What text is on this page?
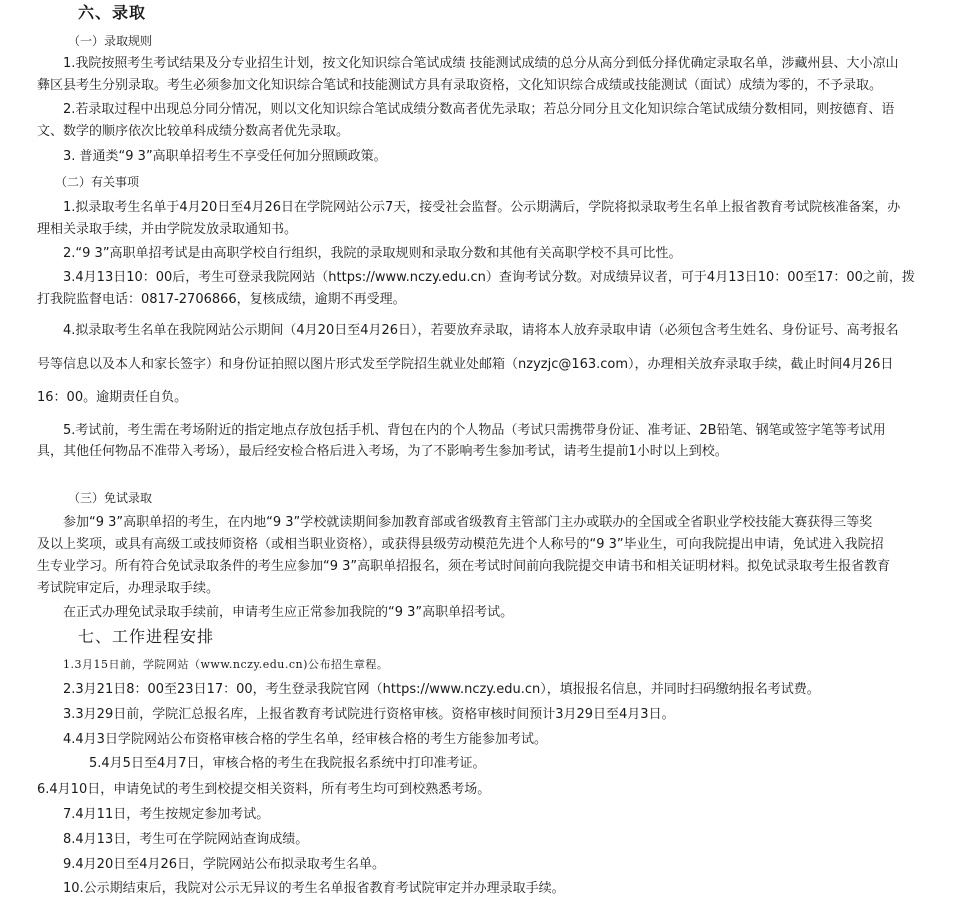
六、录取
（一）录取规则
1.我院按照考生考试结果及分专业招生计划，按文化知识综合笔试成绩 技能测试成绩的总分从高分到低分择优确定录取名单，涉藏州县、大小凉山
彝区县考生分别录取。考生必须参加文化知识综合笔试和技能测试方具有录取资格，文化知识综合成绩或技能测试（面试）成绩为零的，不予录取。
2.若录取过程中出现总分同分情况，则以文化知识综合笔试成绩分数高者优先录取；若总分同分且文化知识综合笔试成绩分数相同，则按德育、语
文、数学的顺序依次比较单科成绩分数高者优先录取。
3. 普通类“9 3”高职单招考生不享受任何加分照顾政策。
（二）有关事项
1.拟录取考生名单于4月20日至4月26日在学院网站公示7天，接受社会监督。公示期满后，学院将拟录取考生名单上报省教育考试院核准备案，办
理相关录取手续，并由学院发放录取通知书。
2.“9 3”高职单招考试是由高职学校自行组织，我院的录取规则和录取分数和其他有关高职学校不具可比性。
3.4月13日10：00后，考生可登录我院网站（https://www.nczy.edu.cn）查询考试分数。对成绩异议者，可于4月13日10：00至17：00之前，拨
打我院监督电话：0817-2706866，复核成绩，逾期不再受理。
4.拟录取考生名单在我院网站公示期间（4月20日至4月26日），若要放弃录取，请将本人放弃录取申请（必须包含考生姓名、身份证号、高考报名
号等信息以及本人和家长签字）和身份证拍照以图片形式发至学院招生就业处邮箱（nzyzjc@163.com），办理相关放弃录取手续，截止时间4月26日
16：00。逾期责任自负。
5.考试前，考生需在考场附近的指定地点存放包括手机、背包在内的个人物品（考试只需携带身份证、准考证、2B铅笔、钢笔或签字笔等考试用
具，其他任何物品不准带入考场），最后经安检合格后进入考场，为了不影响考生参加考试，请考生提前1小时以上到校。
（三）免试录取
参加“9 3”高职单招的考生，在内地“9 3”学校就读期间参加教育部或省级教育主管部门主办或联办的全国或全省职业学校技能大赛获得三等奖
及以上奖项，或具有高级工或技师资格（或相当职业资格），或获得县级劳动模范先进个人称号的“9 3”毕业生，可向我院提出申请，免试进入我院招
生专业学习。所有符合免试录取条件的考生应参加“9 3”高职单招报名，须在考试时间前向我院提交申请书和相关证明材料。拟免试录取考生报省教育
考试院审定后，办理录取手续。
在正式办理免试录取手续前，申请考生应正常参加我院的“9 3”高职单招考试。
七、工作进程安排
1.3月15日前，学院网站（www.nczy.edu.cn)公布招生章程。
2.3月21日8：00至23日17：00，考生登录我院官网（https://www.nczy.edu.cn），填报报名信息，并同时扫码缴纳报名考试费。
3.3月29日前，学院汇总报名库，上报省教育考试院进行资格审核。资格审核时间预计3月29日至4月3日。
4.4月3日学院网站公布资格审核合格的学生名单，经审核合格的考生方能参加考试。
5.4月5日至4月7日，审核合格的考生在我院报名系统中打印准考证。
6.4月10日，申请免试的考生到校提交相关资料，所有考生均可到校熟悉考场。
7.4月11日，考生按规定参加考试。
8.4月13日，考生可在学院网站查询成绩。
9.4月20日至4月26日，学院网站公布拟录取考生名单。
10.公示期结束后，我院对公示无异议的考生名单报省教育考试院审定并办理录取手续。
